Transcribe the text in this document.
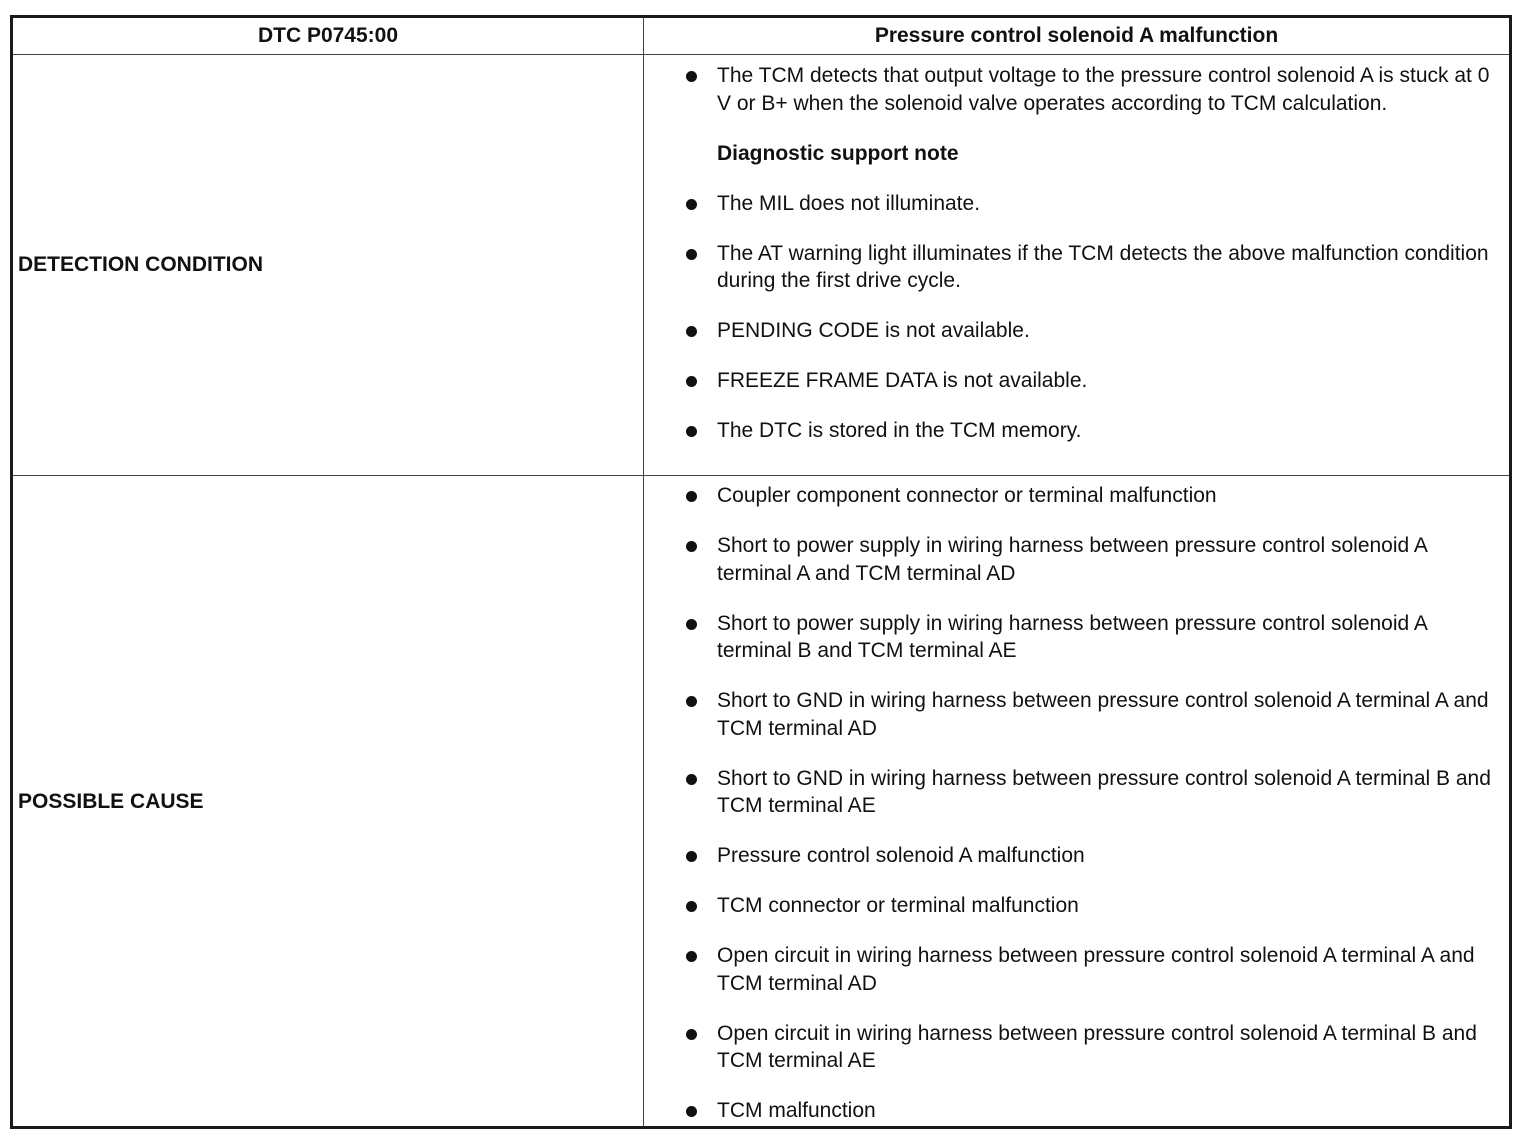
DTC P0745:00	Pressure control solenoid A malfunction
DETECTION CONDITION
The TCM detects that output voltage to the pressure control solenoid A is stuck at 0 V or B+ when the solenoid valve operates according to TCM calculation.
Diagnostic support note
The MIL does not illuminate.
The AT warning light illuminates if the TCM detects the above malfunction condition during the first drive cycle.
PENDING CODE is not available.
FREEZE FRAME DATA is not available.
The DTC is stored in the TCM memory.
POSSIBLE CAUSE
Coupler component connector or terminal malfunction
Short to power supply in wiring harness between pressure control solenoid A terminal A and TCM terminal AD
Short to power supply in wiring harness between pressure control solenoid A terminal B and TCM terminal AE
Short to GND in wiring harness between pressure control solenoid A terminal A and TCM terminal AD
Short to GND in wiring harness between pressure control solenoid A terminal B and TCM terminal AE
Pressure control solenoid A malfunction
TCM connector or terminal malfunction
Open circuit in wiring harness between pressure control solenoid A terminal A and TCM terminal AD
Open circuit in wiring harness between pressure control solenoid A terminal B and TCM terminal AE
TCM malfunction
